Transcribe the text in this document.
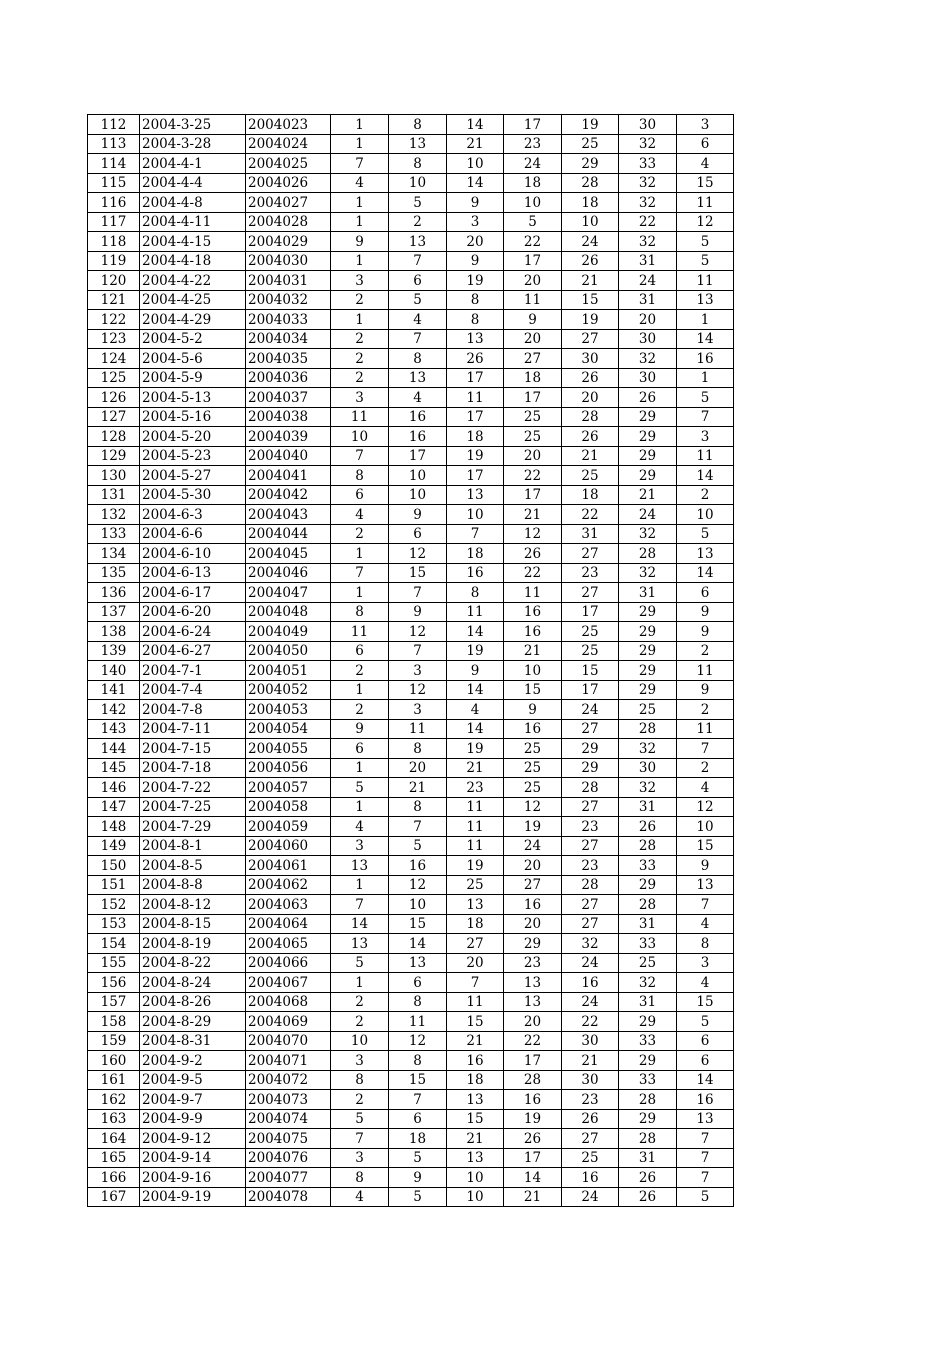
112	2004-3-25	2004023	1	8	14	17	19	30	3
113	2004-3-28	2004024	1	13	21	23	25	32	6
114	2004-4-1	2004025	7	8	10	24	29	33	4
115	2004-4-4	2004026	4	10	14	18	28	32	15
116	2004-4-8	2004027	1	5	9	10	18	32	11
117	2004-4-11	2004028	1	2	3	5	10	22	12
118	2004-4-15	2004029	9	13	20	22	24	32	5
119	2004-4-18	2004030	1	7	9	17	26	31	5
120	2004-4-22	2004031	3	6	19	20	21	24	11
121	2004-4-25	2004032	2	5	8	11	15	31	13
122	2004-4-29	2004033	1	4	8	9	19	20	1
123	2004-5-2	2004034	2	7	13	20	27	30	14
124	2004-5-6	2004035	2	8	26	27	30	32	16
125	2004-5-9	2004036	2	13	17	18	26	30	1
126	2004-5-13	2004037	3	4	11	17	20	26	5
127	2004-5-16	2004038	11	16	17	25	28	29	7
128	2004-5-20	2004039	10	16	18	25	26	29	3
129	2004-5-23	2004040	7	17	19	20	21	29	11
130	2004-5-27	2004041	8	10	17	22	25	29	14
131	2004-5-30	2004042	6	10	13	17	18	21	2
132	2004-6-3	2004043	4	9	10	21	22	24	10
133	2004-6-6	2004044	2	6	7	12	31	32	5
134	2004-6-10	2004045	1	12	18	26	27	28	13
135	2004-6-13	2004046	7	15	16	22	23	32	14
136	2004-6-17	2004047	1	7	8	11	27	31	6
137	2004-6-20	2004048	8	9	11	16	17	29	9
138	2004-6-24	2004049	11	12	14	16	25	29	9
139	2004-6-27	2004050	6	7	19	21	25	29	2
140	2004-7-1	2004051	2	3	9	10	15	29	11
141	2004-7-4	2004052	1	12	14	15	17	29	9
142	2004-7-8	2004053	2	3	4	9	24	25	2
143	2004-7-11	2004054	9	11	14	16	27	28	11
144	2004-7-15	2004055	6	8	19	25	29	32	7
145	2004-7-18	2004056	1	20	21	25	29	30	2
146	2004-7-22	2004057	5	21	23	25	28	32	4
147	2004-7-25	2004058	1	8	11	12	27	31	12
148	2004-7-29	2004059	4	7	11	19	23	26	10
149	2004-8-1	2004060	3	5	11	24	27	28	15
150	2004-8-5	2004061	13	16	19	20	23	33	9
151	2004-8-8	2004062	1	12	25	27	28	29	13
152	2004-8-12	2004063	7	10	13	16	27	28	7
153	2004-8-15	2004064	14	15	18	20	27	31	4
154	2004-8-19	2004065	13	14	27	29	32	33	8
155	2004-8-22	2004066	5	13	20	23	24	25	3
156	2004-8-24	2004067	1	6	7	13	16	32	4
157	2004-8-26	2004068	2	8	11	13	24	31	15
158	2004-8-29	2004069	2	11	15	20	22	29	5
159	2004-8-31	2004070	10	12	21	22	30	33	6
160	2004-9-2	2004071	3	8	16	17	21	29	6
161	2004-9-5	2004072	8	15	18	28	30	33	14
162	2004-9-7	2004073	2	7	13	16	23	28	16
163	2004-9-9	2004074	5	6	15	19	26	29	13
164	2004-9-12	2004075	7	18	21	26	27	28	7
165	2004-9-14	2004076	3	5	13	17	25	31	7
166	2004-9-16	2004077	8	9	10	14	16	26	7
167	2004-9-19	2004078	4	5	10	21	24	26	5
